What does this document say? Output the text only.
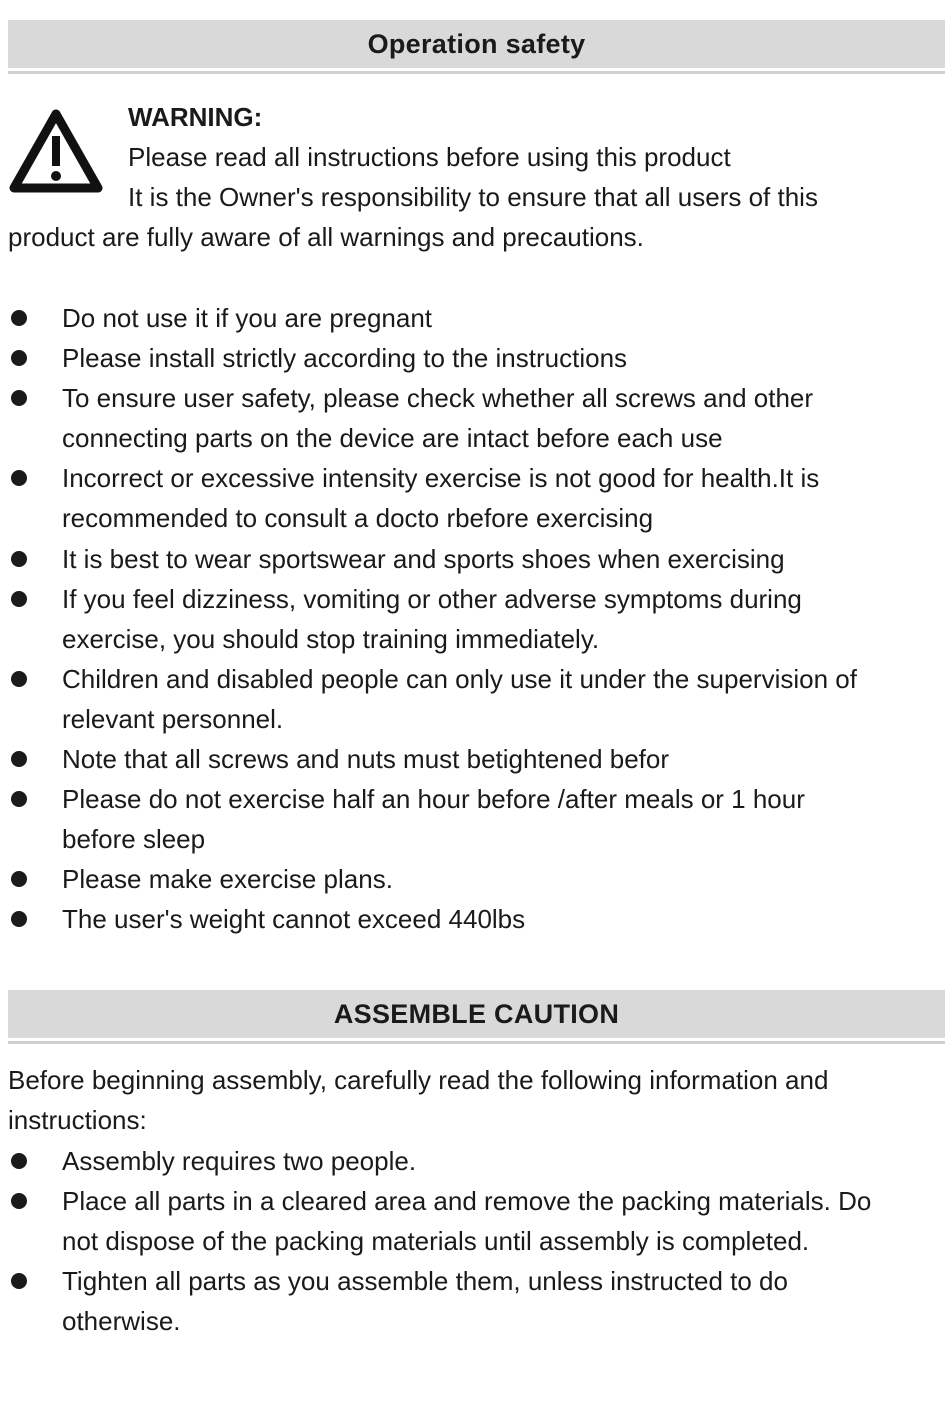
Operation safety
WARNING:
Please read all instructions before using this product
It is the Owner's responsibility to ensure that all users of this
product are fully aware of all warnings and precautions.
Do not use it if you are pregnant
Please install strictly according to the instructions
To ensure user safety, please check whether all screws and other
connecting parts on the device are intact before each use
Incorrect or excessive intensity exercise is not good for health.It is
recommended to consult a docto rbefore exercising
It is best to wear sportswear and sports shoes when exercising
If you feel dizziness, vomiting or other adverse symptoms during
exercise, you should stop training immediately.
Children and disabled people can only use it under the supervision of
relevant personnel.
Note that all screws and nuts must betightened befor
Please do not exercise half an hour before /after meals or 1 hour
before sleep
Please make exercise plans.
The user's weight cannot exceed 440lbs
ASSEMBLE CAUTION
Before beginning assembly, carefully read the following information and
instructions:
Assembly requires two people.
Place all parts in a cleared area and remove the packing materials. Do
not dispose of the packing materials until assembly is completed.
Tighten all parts as you assemble them, unless instructed to do
otherwise.
